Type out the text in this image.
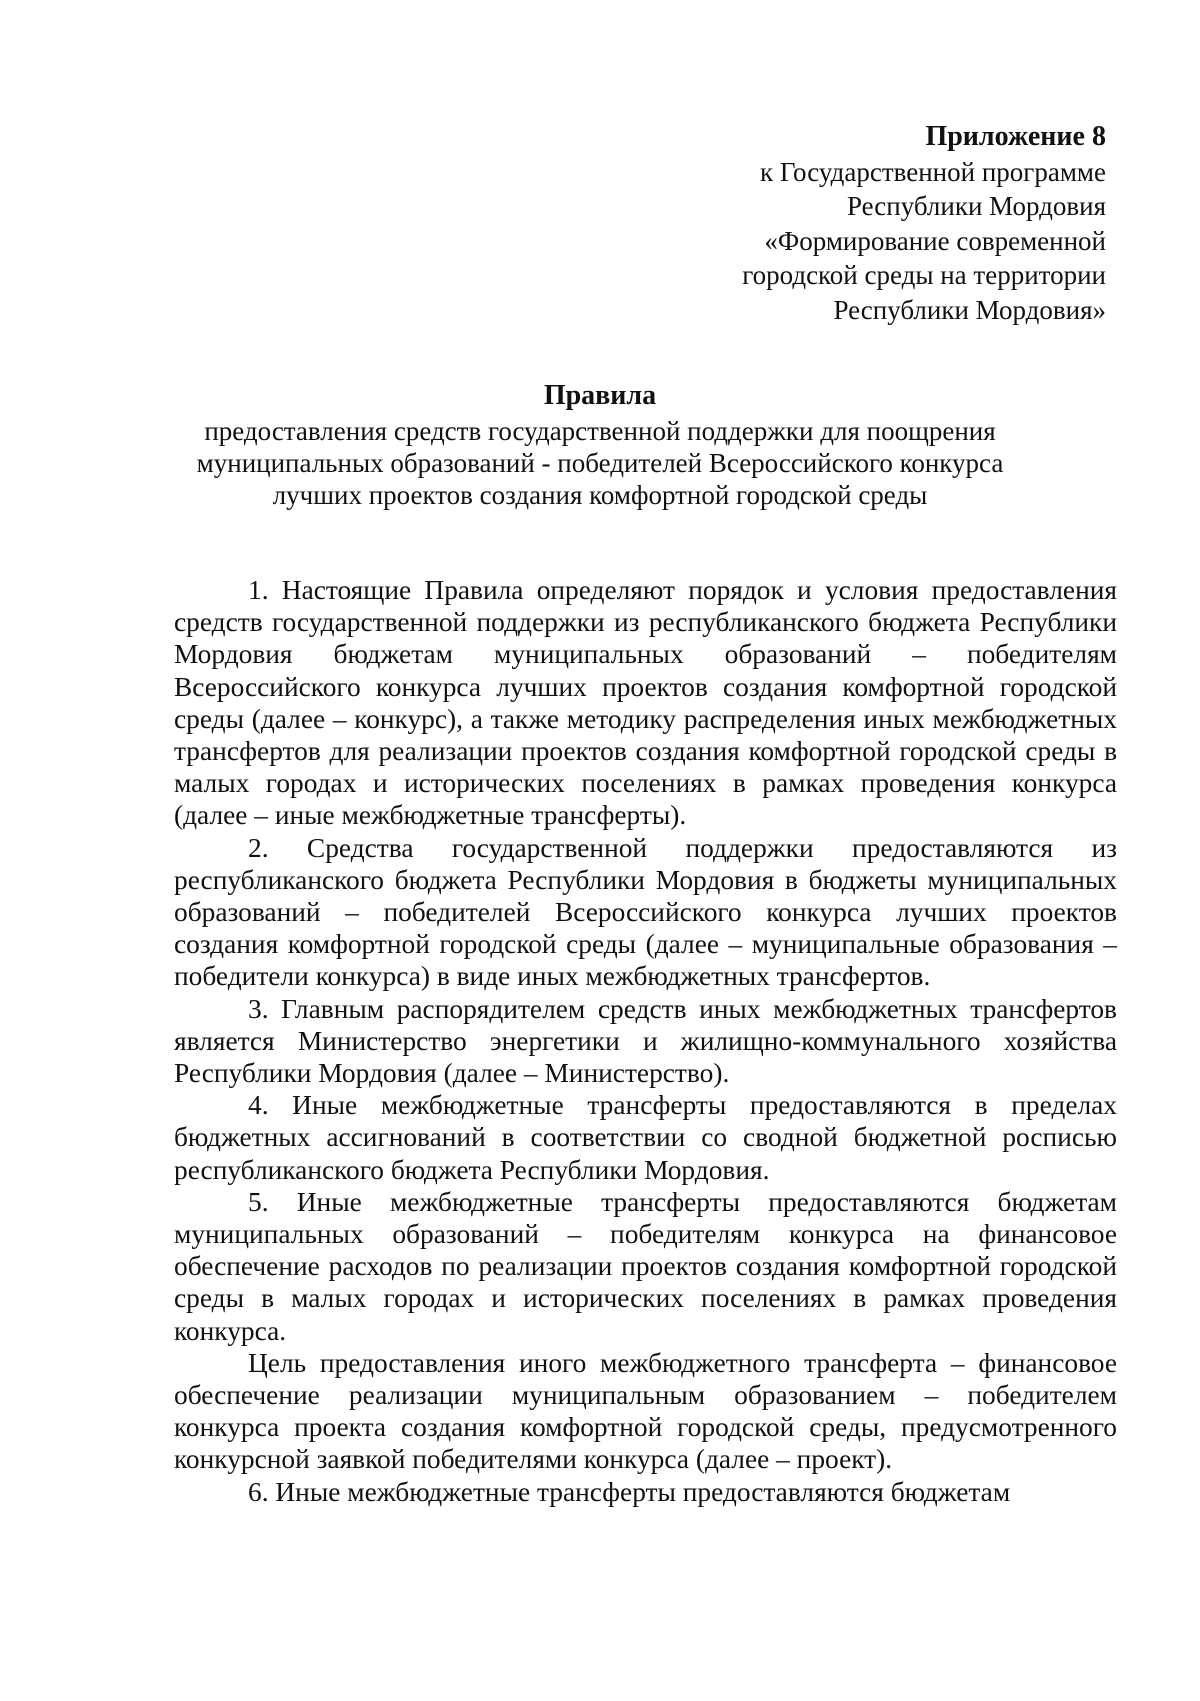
Приложение 8
к Государственной программе
Республики Мордовия
«Формирование современной
городской среды на территории
Республики Мордовия»
Правила
предоставления средств государственной поддержки для поощрения
муниципальных образований - победителей Всероссийского конкурса
лучших проектов создания комфортной городской среды

1. Настоящие Правила определяют порядок и условия предоставления средств государственной поддержки из республиканского бюджета Республики Мордовия бюджетам муниципальных образований – победителям Всероссийского конкурса лучших проектов создания комфортной городской среды (далее – конкурс), а также методику распределения иных межбюджетных трансфертов для реализации проектов создания комфортной городской среды в малых городах и исторических поселениях в рамках проведения конкурса (далее – иные межбюджетные трансферты).

2. Средства государственной поддержки предоставляются из республиканского бюджета Республики Мордовия в бюджеты муниципальных образований – победителей Всероссийского конкурса лучших проектов создания комфортной городской среды (далее – муниципальные образования – победители конкурса) в виде иных межбюджетных трансфертов.

3. Главным распорядителем средств иных межбюджетных трансфертов является Министерство энергетики и жилищно-коммунального хозяйства Республики Мордовия (далее – Министерство).

4. Иные межбюджетные трансферты предоставляются в пределах бюджетных ассигнований в соответствии со сводной бюджетной росписью республиканского бюджета Республики Мордовия.

5. Иные межбюджетные трансферты предоставляются бюджетам муниципальных образований – победителям конкурса на финансовое обеспечение расходов по реализации проектов создания комфортной городской среды в малых городах и исторических поселениях в рамках проведения конкурса.

Цель предоставления иного межбюджетного трансферта – финансовое обеспечение реализации муниципальным образованием – победителем конкурса проекта создания комфортной городской среды, предусмотренного конкурсной заявкой победителями конкурса (далее – проект).

6. Иные межбюджетные трансферты предоставляются бюджетам
